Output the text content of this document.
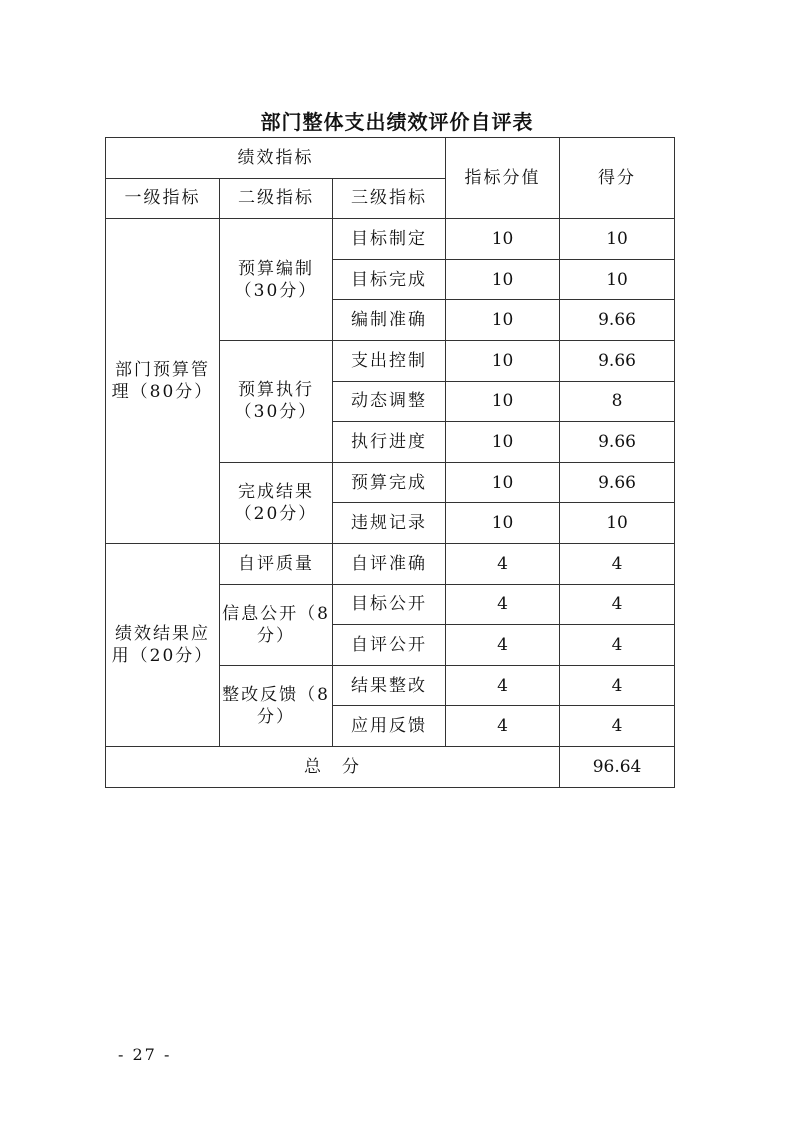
部门整体支出绩效评价自评表
绩效指标			指标分值	得分
一级指标	二级指标	三级指标		
部门预算管理（80分）	预算编制（30分）	目标制定	10	10
		目标完成	10	10
		编制准确	10	9.66
	预算执行（30分）	支出控制	10	9.66
		动态调整	10	8
		执行进度	10	9.66
	完成结果（20分）	预算完成	10	9.66
		违规记录	10	10
绩效结果应用（20分）	自评质量	自评准确	4	4
	信息公开（8分）	目标公开	4	4
		自评公开	4	4
	整改反馈（8分）	结果整改	4	4
		应用反馈	4	4
总　分				96.64
- 27 -
